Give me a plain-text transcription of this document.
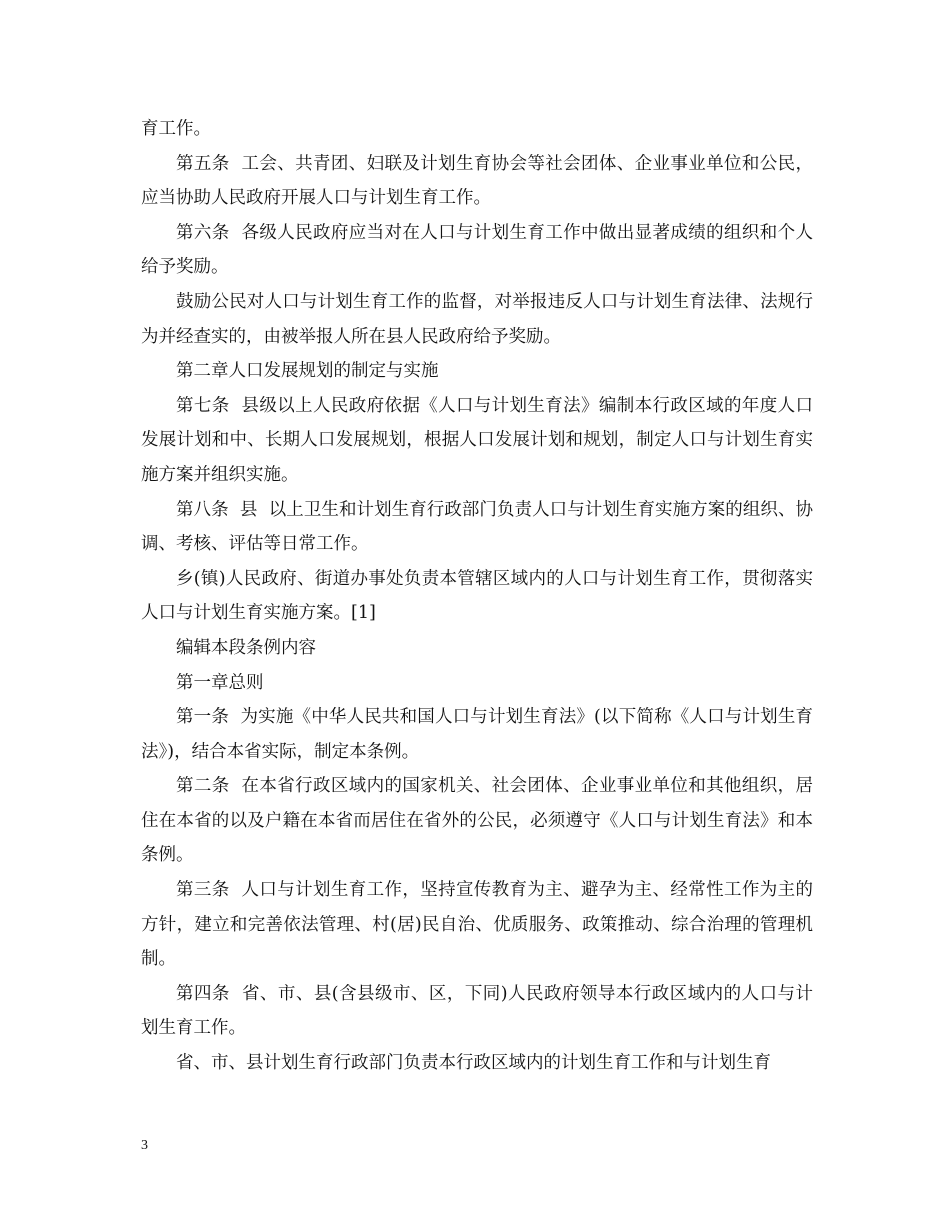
育工作。

第五条  工会、共青团、妇联及计划生育协会等社会团体、企业事业单位和公民，应当协助人民政府开展人口与计划生育工作。

第六条  各级人民政府应当对在人口与计划生育工作中做出显著成绩的组织和个人给予奖励。

鼓励公民对人口与计划生育工作的监督，对举报违反人口与计划生育法律、法规行为并经查实的，由被举报人所在县人民政府给予奖励。

第二章人口发展规划的制定与实施

第七条  县级以上人民政府依据《人口与计划生育法》编制本行政区域的年度人口发展计划和中、长期人口发展规划，根据人口发展计划和规划，制定人口与计划生育实施方案并组织实施。

第八条  县  以上卫生和计划生育行政部门负责人口与计划生育实施方案的组织、协调、考核、评估等日常工作。

乡(镇)人民政府、街道办事处负责本管辖区域内的人口与计划生育工作，贯彻落实人口与计划生育实施方案。[1]

编辑本段条例内容

第一章总则

第一条  为实施《中华人民共和国人口与计划生育法》(以下简称《人口与计划生育法》)，结合本省实际，制定本条例。

第二条  在本省行政区域内的国家机关、社会团体、企业事业单位和其他组织，居住在本省的以及户籍在本省而居住在省外的公民，必须遵守《人口与计划生育法》和本条例。

第三条  人口与计划生育工作，坚持宣传教育为主、避孕为主、经常性工作为主的方针，建立和完善依法管理、村(居)民自治、优质服务、政策推动、综合治理的管理机制。

第四条  省、市、县(含县级市、区，下同)人民政府领导本行政区域内的人口与计划生育工作。

省、市、县计划生育行政部门负责本行政区域内的计划生育工作和与计划生育

3
